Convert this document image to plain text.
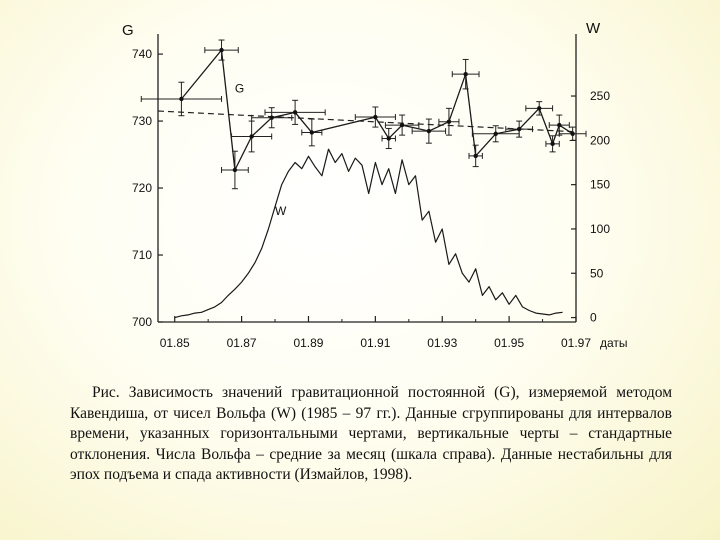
G	W
даты
700
710
720
730
740
0
50
100
150
200
250
01.85	01.87	01.89	01.91	01.93	01.95	01.97
G
W

Рис. Зависимость значений гравитационной постоянной (G), измеряемой методом Кавендиша, от чисел Вольфа (W) (1985 – 97 гг.). Данные сгруппированы для интервалов времени, указанных горизонтальными чертами, вертикальные черты – стандартные отклонения. Числа Вольфа – средние за месяц (шкала справа). Данные нестабильны для эпох подъема и спада активности (Измайлов, 1998).
